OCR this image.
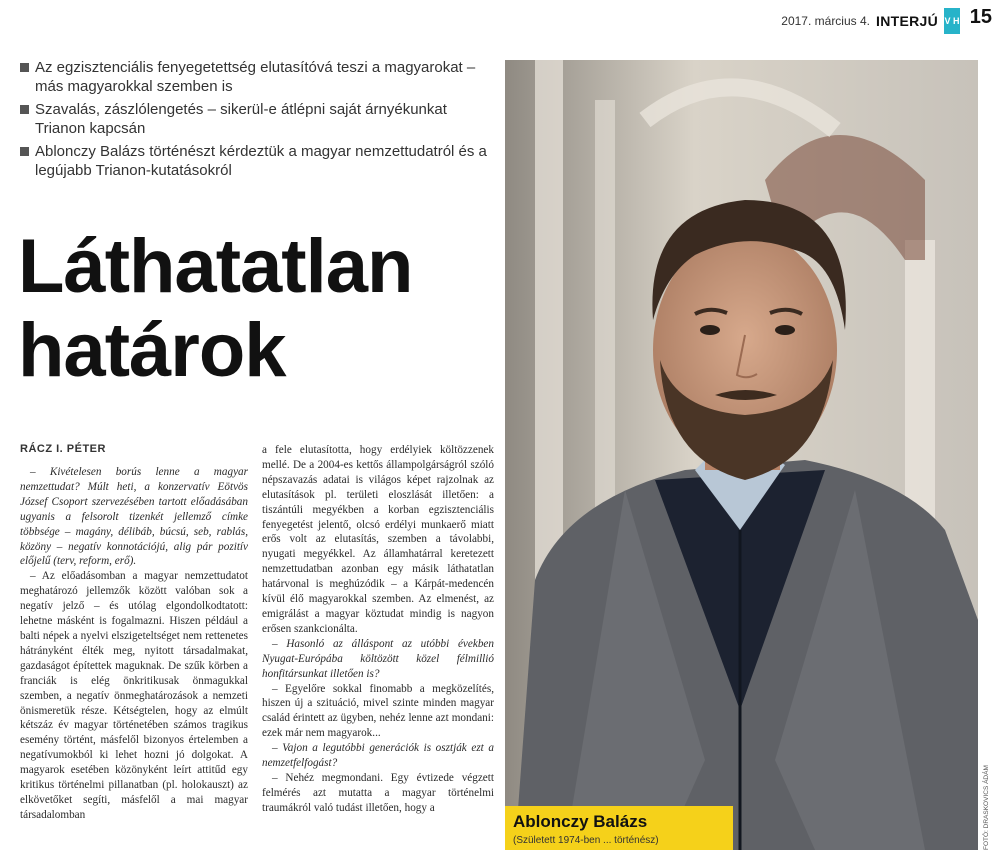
2017. március 4. INTERJÚ V H 15
Az egzisztenciális fenyegetettség elutasítóvá teszi a magyarokat – más magyarokkal szemben is
Szavalás, zászlólengetés – sikerül-e átlépni saját árnyékunkat Trianon kapcsán
Ablonczy Balázs történészt kérdeztük a magyar nemzettudatról és a legújabb Trianon-kutatásokról
Láthatatlan
határok
RÁCZ I. PÉTER

– Kivételesen borús lenne a magyar nemzettudat? Múlt heti, a konzervatív Eötvös József Csoport szervezésében tartott előadásában ugyanis a felsorolt tizenkét jellemző címke többsége – magány, délibáb, búcsú, seb, rablás, közöny – negatív konnotációjú, alig pár pozitív előjelű (terv, reform, erő).

– Az előadásomban a magyar nemzettudatot meghatározó jellemzők között valóban sok a negatív jelző – és utólag elgondolkodtatott: lehetne másként is fogalmazni. Hiszen például a balti népek a nyelvi elszigeteltséget nem rettenetes hátrányként élték meg, nyitott társadalmakat, gazdaságot építettek maguknak. De szűk körben a franciák is elég önkritikusak önmagukkal szemben, a negatív önmeghatározások a nemzeti önismeretük része. Kétségtelen, hogy az elmúlt kétszáz év magyar történetében számos tragikus esemény történt, másfelől bizonyos értelemben a negatívumokból ki lehet hozni jó dolgokat. A magyarok esetében közönyként leírt attitűd egy kritikus történelmi pillanatban (pl. holokauszt) az elkövetőket segíti, másfelől a mai magyar társadalomban

a fele elutasította, hogy erdélyiek költözzenek mellé. De a 2004-es kettős állampolgárságról szóló népszavazás adatai is világos képet rajzolnak az elutasítások pl. területi eloszlását illetően: a tiszántúli megyékben a korban egzisztenciális fenyegetést jelentő, olcsó erdélyi munkaerő miatt erős volt az elutasítás, szemben a távolabbi, nyugati megyékkel. Az államhatárral keretezett nemzettudatban azonban egy másik láthatatlan határvonal is meghúzódik – a Kárpát-medencén kívül élő magyarokkal szemben. Az elmenést, az emigrálást a magyar köztudat mindig is nagyon erősen szankcionálta.

– Hasonló az álláspont az utóbbi években Nyugat-Európába költözött közel félmillió honfitársunkat illetően is?

– Egyelőre sokkal finomabb a megközelítés, hiszen új a szituáció, mivel szinte minden magyar család érintett az ügyben, nehéz lenne azt mondani: ezek már nem magyarok...

– Vajon a legutóbbi generációk is osztják ezt a nemzetfelfogást?

– Nehéz megmondani. Egy évtizede végzett felmérés azt mutatta a magyar történelmi traumákról való tudást illetően, hogy a

Ablonczy Balázs
(Született 1974-ben ... történész)	FOTÓ: DRASKOVICS ÁDÁM
